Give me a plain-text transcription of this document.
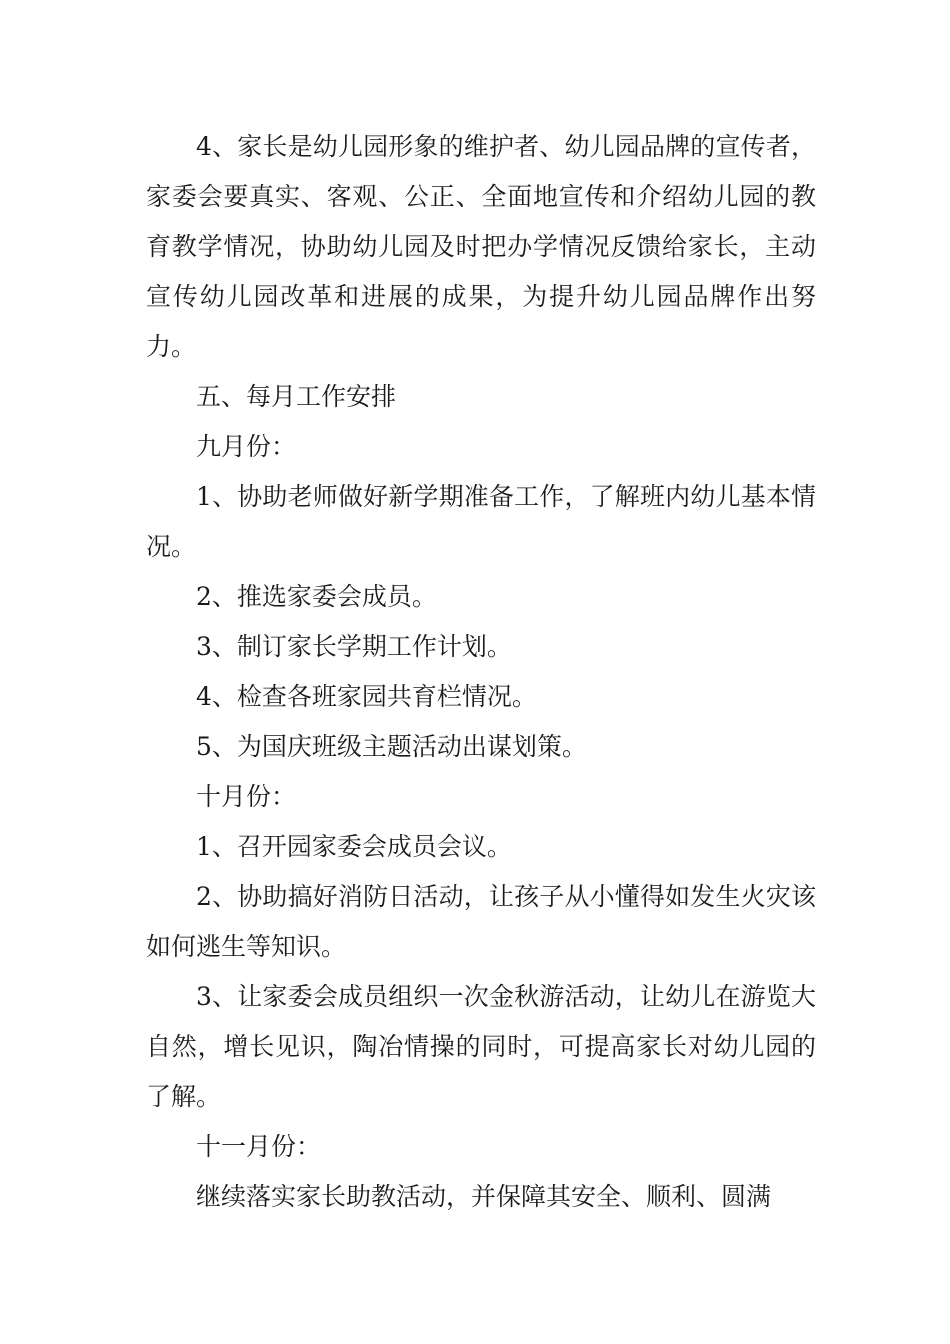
4、家长是幼儿园形象的维护者、幼儿园品牌的宣传者，家委会要真实、客观、公正、全面地宣传和介绍幼儿园的教育教学情况，协助幼儿园及时把办学情况反馈给家长，主动宣传幼儿园改革和进展的成果，为提升幼儿园品牌作出努力。

五、每月工作安排

九月份：

1、协助老师做好新学期准备工作，了解班内幼儿基本情况。

2、推选家委会成员。

3、制订家长学期工作计划。

4、检查各班家园共育栏情况。

5、为国庆班级主题活动出谋划策。

十月份：

1、召开园家委会成员会议。

2、协助搞好消防日活动，让孩子从小懂得如发生火灾该如何逃生等知识。

3、让家委会成员组织一次金秋游活动，让幼儿在游览大自然，增长见识，陶冶情操的同时，可提高家长对幼儿园的了解。

十一月份：

继续落实家长助教活动，并保障其安全、顺利、圆满
